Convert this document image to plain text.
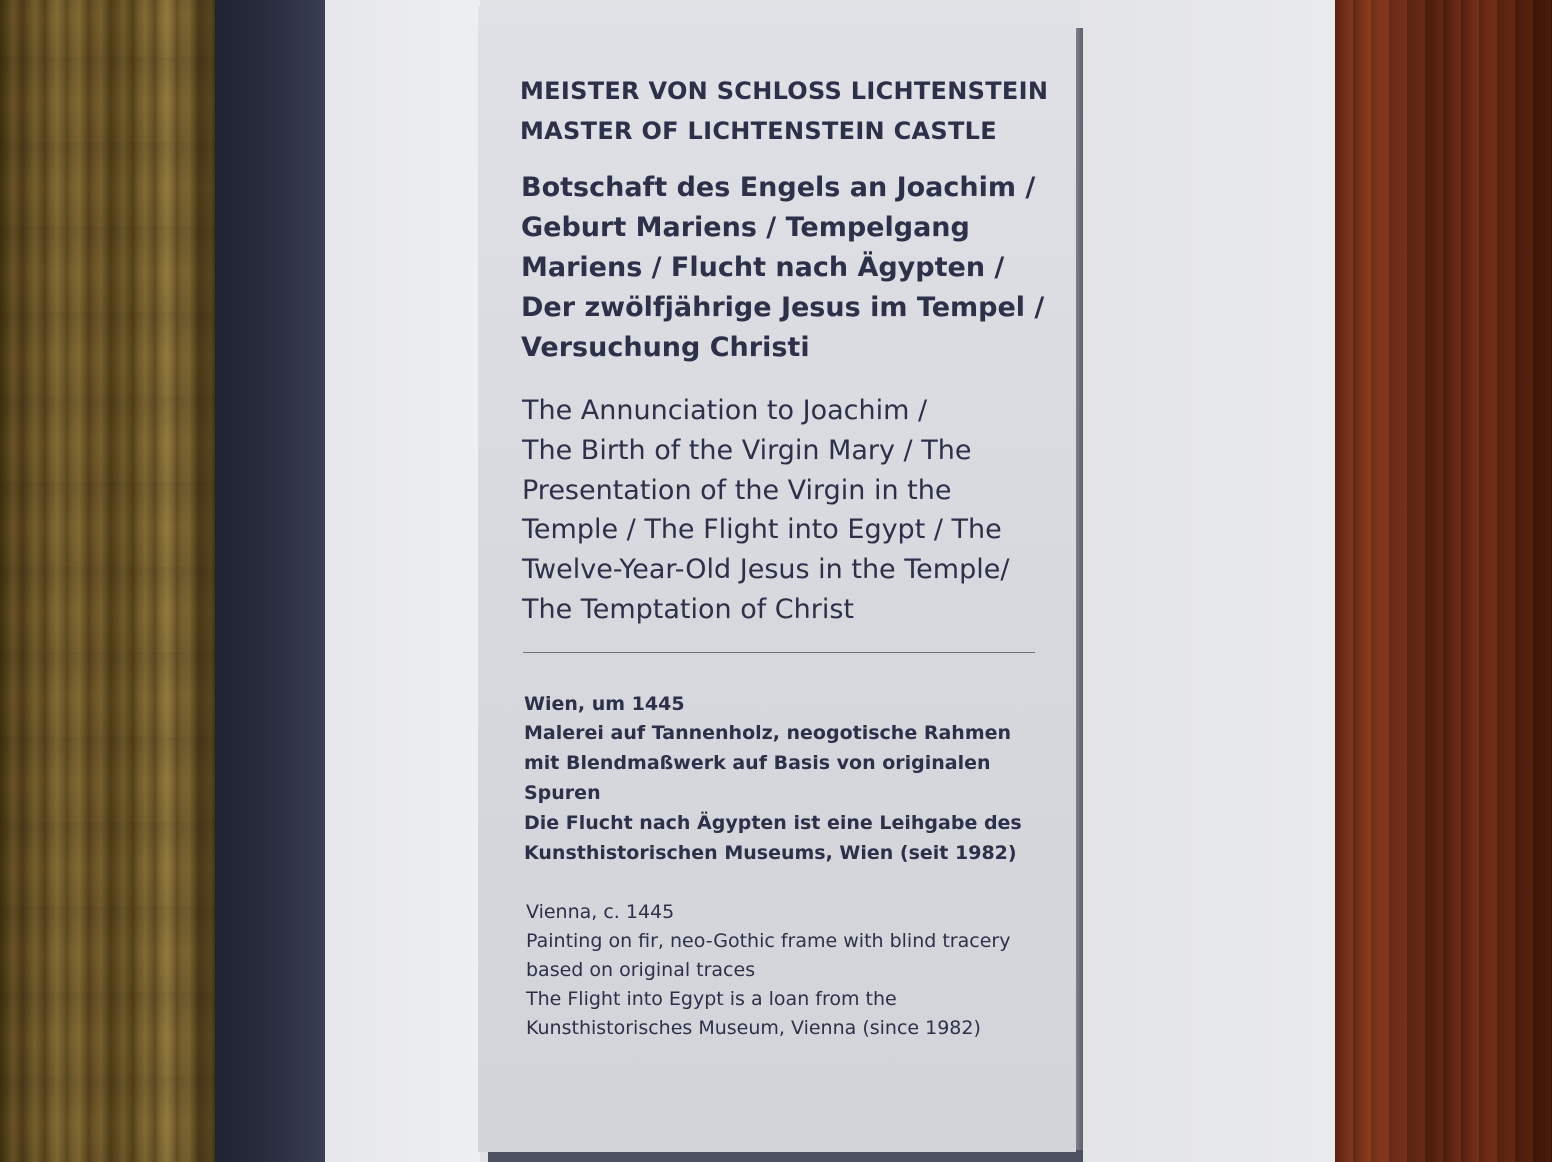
MEISTER VON SCHLOSS LICHTENSTEIN
MASTER OF LICHTENSTEIN CASTLE
Botschaft des Engels an Joachim /
Geburt Mariens / Tempelgang
Mariens / Flucht nach Ägypten /
Der zwölfjährige Jesus im Tempel /
Versuchung Christi
The Annunciation to Joachim /
The Birth of the Virgin Mary / The
Presentation of the Virgin in the
Temple / The Flight into Egypt / The
Twelve-Year-Old Jesus in the Temple/
The Temptation of Christ
Wien, um 1445
Malerei auf Tannenholz, neogotische Rahmen
mit Blendmaßwerk auf Basis von originalen
Spuren
Die Flucht nach Ägypten ist eine Leihgabe des
Kunsthistorischen Museums, Wien (seit 1982)
Vienna, c. 1445
Painting on fir, neo-Gothic frame with blind tracery
based on original traces
The Flight into Egypt is a loan from the
Kunsthistorisches Museum, Vienna (since 1982)
